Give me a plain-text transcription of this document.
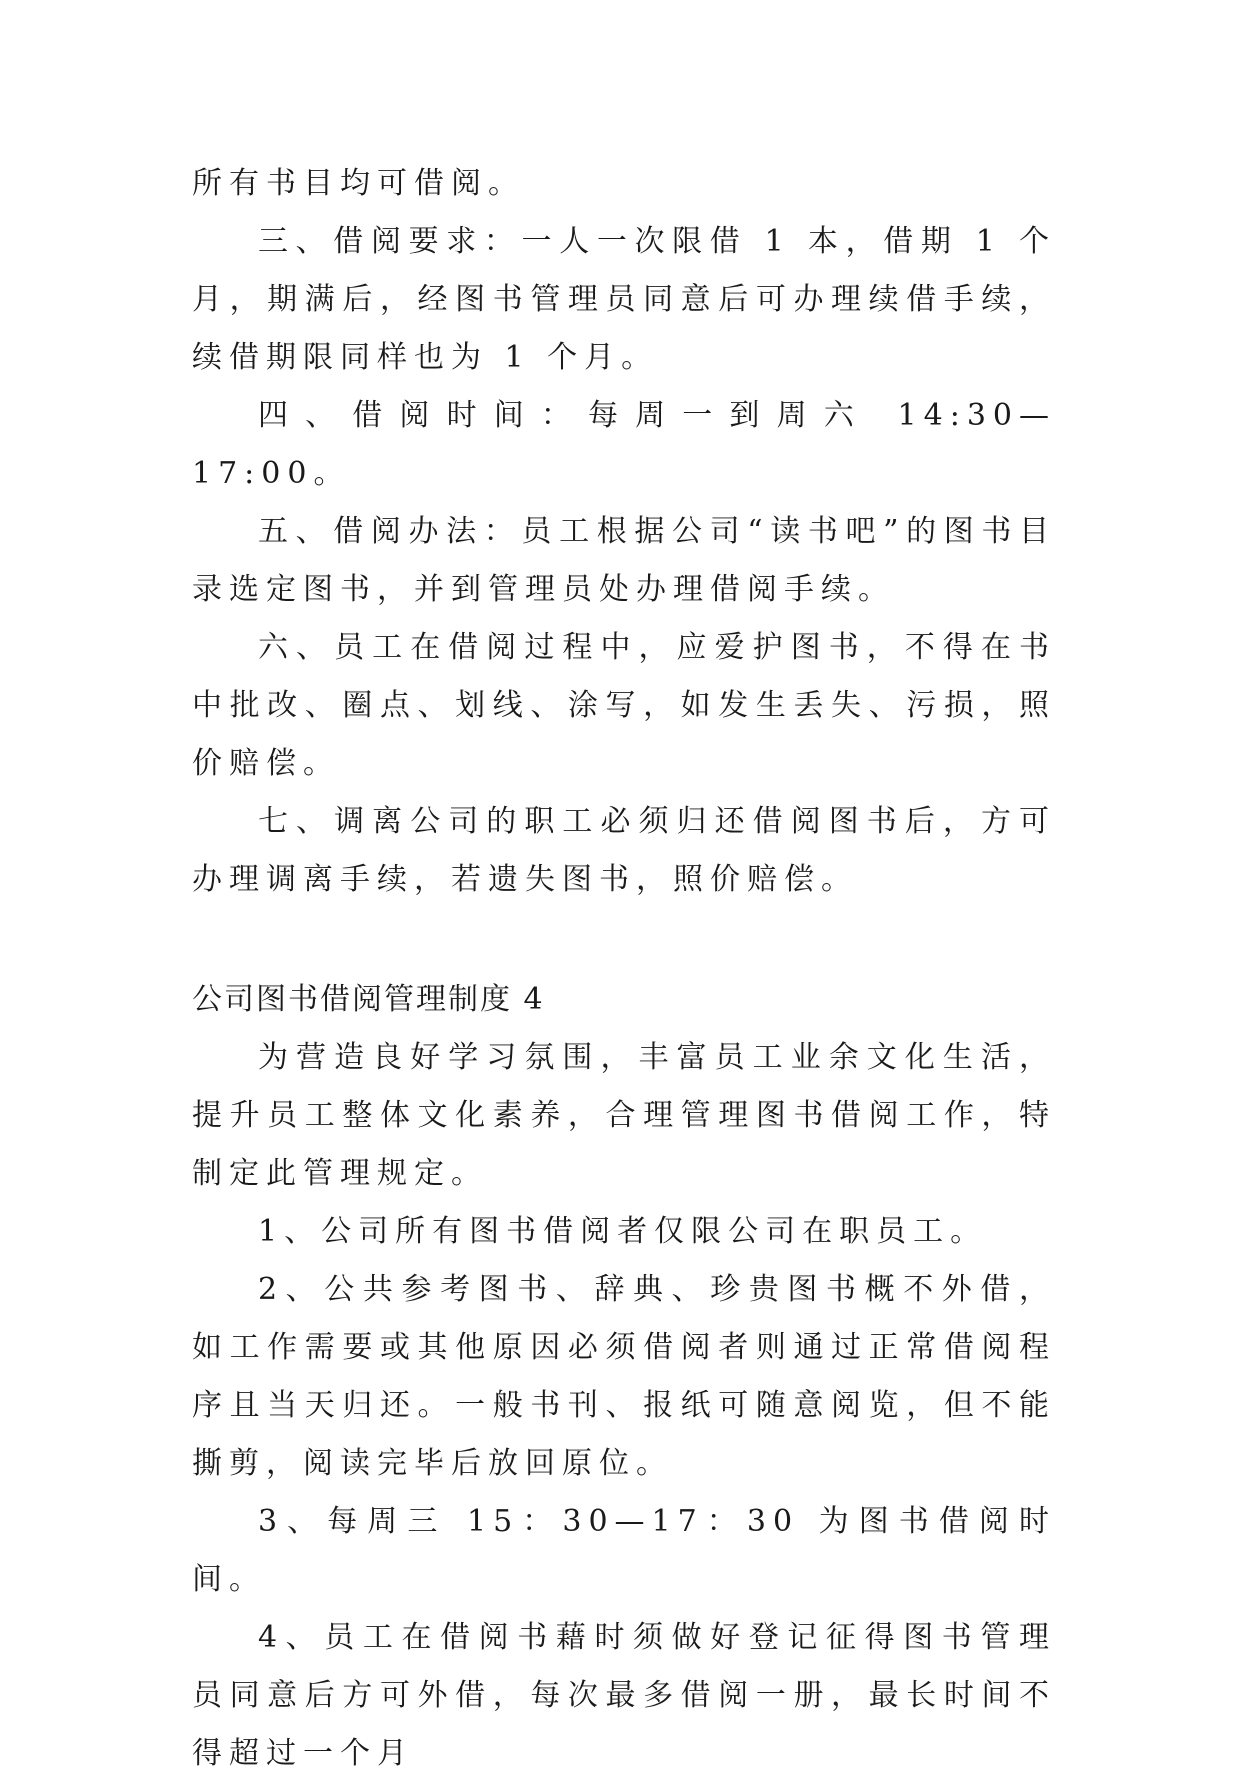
所有书目均可借阅。

三、借阅要求：一人一次限借 1 本，借期 1 个月，期满后，经图书管理员同意后可办理续借手续，续借期限同样也为 1 个月。

四、借阅时间：每周一到周六 14:30—17:00。

五、借阅办法：员工根据公司“读书吧”的图书目录选定图书，并到管理员处办理借阅手续。

六、员工在借阅过程中，应爱护图书，不得在书中批改、圈点、划线、涂写，如发生丢失、污损，照价赔偿。

七、调离公司的职工必须归还借阅图书后，方可办理调离手续，若遗失图书，照价赔偿。

公司图书借阅管理制度 4

为营造良好学习氛围，丰富员工业余文化生活，提升员工整体文化素养，合理管理图书借阅工作，特制定此管理规定。

1、公司所有图书借阅者仅限公司在职员工。

2、公共参考图书、辞典、珍贵图书概不外借，如工作需要或其他原因必须借阅者则通过正常借阅程序且当天归还。一般书刊、报纸可随意阅览，但不能撕剪，阅读完毕后放回原位。

3、每周三 15：30—17：30 为图书借阅时间。

4、员工在借阅书藉时须做好登记征得图书管理员同意后方可外借，每次最多借阅一册，最长时间不得超过一个月
